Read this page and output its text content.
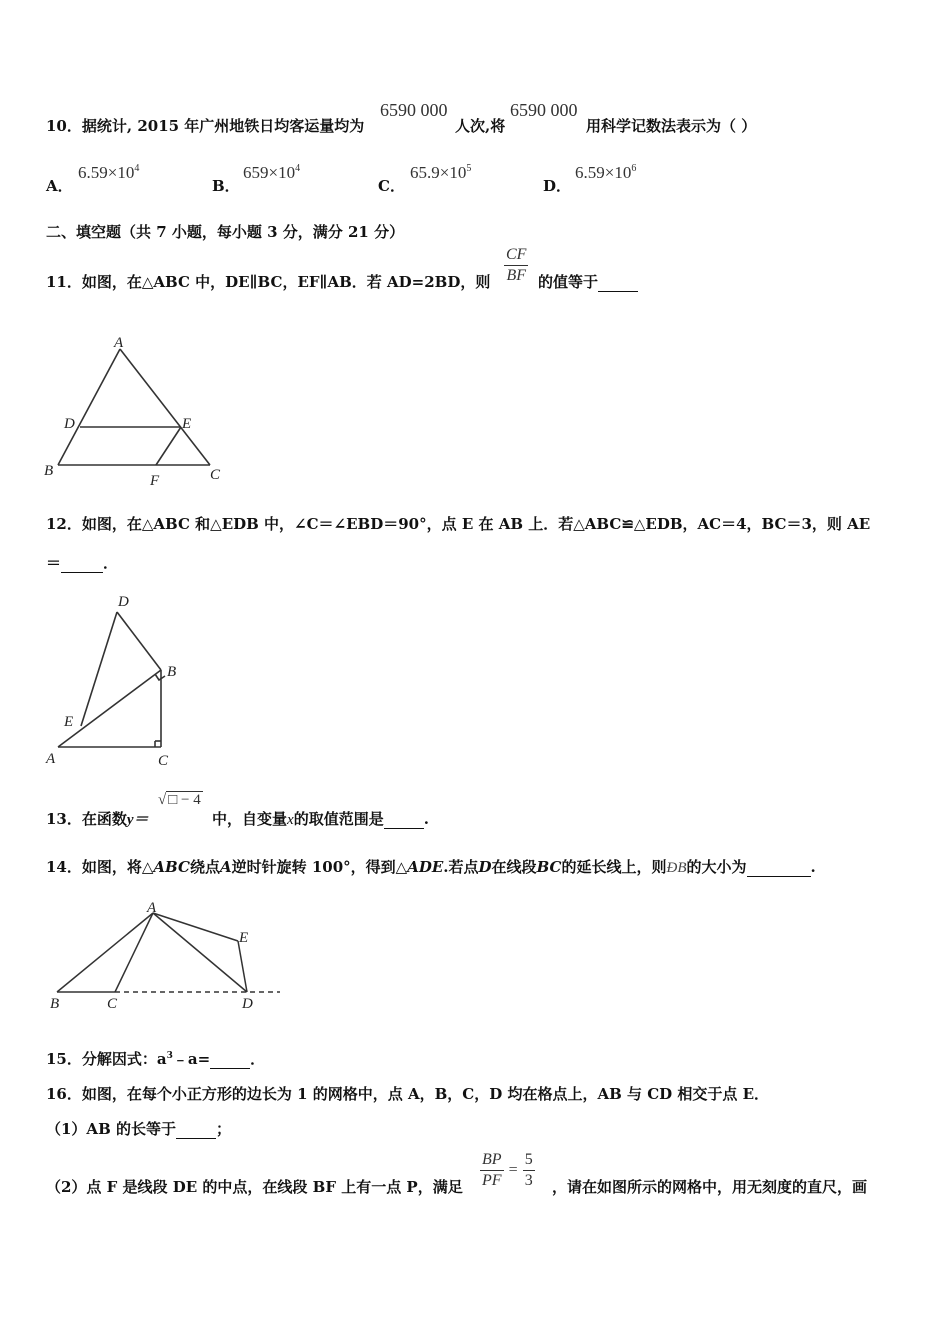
10．据统计, 2015 年广州地铁日均客运量均为
6590 000
人次,将
6590 000
用科学记数法表示为（ ）
A．
$6.59\times 10^4$
B．
$659\times 10^4$
C．
$65.9\times 10^5$
D．
$6.59\times 10^6$
二、填空题（共 7 小题，每小题 3 分，满分 21 分）
11．如图，在△ABC 中，DE∥BC，EF∥AB．若 AD=2BD，则 $\frac{CF}{BF}$ 的值等于
A
D	E
B
F	C
12．如图，在△ABC 和△EDB 中，∠C＝∠EBD＝90°，点 E 在 AB 上．若△ABC≌△EDB，AC＝4，BC＝3，则 AE
＝	．
D
B
E
A	C
13．在函数y＝
√ □ − 4
中，自变量x的取值范围是	.
14．如图，将△ABC绕点A逆时针旋转 100°，得到△ADE.若点D在线段BC的延长线上，则ÐB的大小为	.
A
E
B	C	D
15．分解因式：$a^3﹣a=$	．
16．如图，在每个小正方形的边长为 1 的网格中，点 A，B，C，D 均在格点上，AB 与 CD 相交于点 E．
（1）AB 的长等于	；
（2）点 F 是线段 DE 的中点，在线段 BF 上有一点 P，满足 $\frac{BP}{PF} = \frac{5}{3}$ ，请在如图所示的网格中，用无刻度的直尺，画
